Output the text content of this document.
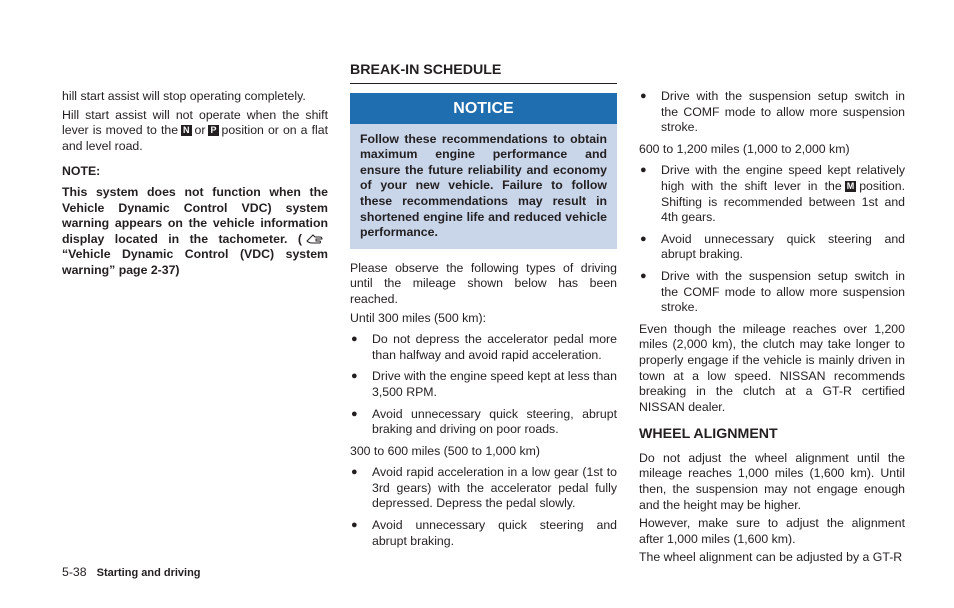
hill start assist will stop operating completely.

Hill start assist will not operate when the shift lever is moved to the N or P position or on a flat and level road.

NOTE:

This system does not function when the Vehicle Dynamic Control VDC) system warning appears on the vehicle information display located in the tachometer. (“Vehicle Dynamic Control (VDC) system warning” page 2-37)

BREAK-IN SCHEDULE
NOTICE
Follow these recommendations to obtain maximum engine performance and ensure the future reliability and economy of your new vehicle. Failure to follow these recommendations may result in shortened engine life and reduced vehicle performance.

Please observe the following types of driving until the mileage shown below has been reached.

Until 300 miles (500 km):

● Do not depress the accelerator pedal more than halfway and avoid rapid acceleration.
● Drive with the engine speed kept at less than 3,500 RPM.
● Avoid unnecessary quick steering, abrupt braking and driving on poor roads.

300 to 600 miles (500 to 1,000 km)

● Avoid rapid acceleration in a low gear (1st to 3rd gears) with the accelerator pedal fully depressed. Depress the pedal slowly.
● Avoid unnecessary quick steering and abrupt braking.
● Drive with the suspension setup switch in the COMF mode to allow more suspension stroke.

600 to 1,200 miles (1,000 to 2,000 km)

● Drive with the engine speed kept relatively high with the shift lever in the M position. Shifting is recommended between 1st and 4th gears.
● Avoid unnecessary quick steering and abrupt braking.
● Drive with the suspension setup switch in the COMF mode to allow more suspension stroke.

Even though the mileage reaches over 1,200 miles (2,000 km), the clutch may take longer to properly engage if the vehicle is mainly driven in town at a low speed. NISSAN recommends breaking in the clutch at a GT-R certified NISSAN dealer.

WHEEL ALIGNMENT

Do not adjust the wheel alignment until the mileage reaches 1,000 miles (1,600 km). Until then, the suspension may not engage enough and the height may be higher.

However, make sure to adjust the alignment after 1,000 miles (1,600 km).

The wheel alignment can be adjusted by a GT-R

5-38 Starting and driving
